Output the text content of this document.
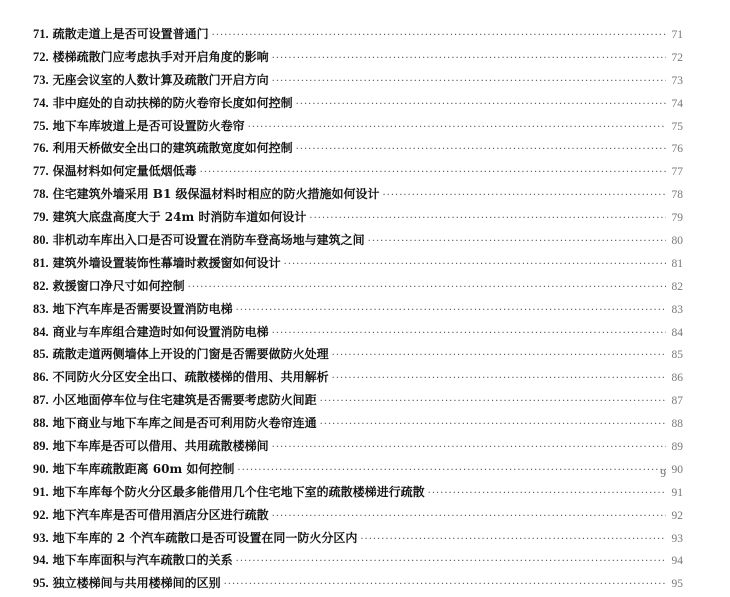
71. 疏散走道上是否可设置普通门 ·····	71
72. 楼梯疏散门应考虑执手对开启角度的影响 ·····	72
73. 无座会议室的人数计算及疏散门开启方向 ·····	73
74. 非中庭处的自动扶梯的防火卷帘长度如何控制 ·····	74
75. 地下车库坡道上是否可设置防火卷帘 ·····	75
76. 利用天桥做安全出口的建筑疏散宽度如何控制 ·····	76
77. 保温材料如何定量低烟低毒 ·····	77
78. 住宅建筑外墙采用 B1 级保温材料时相应的防火措施如何设计 ·····	78
79. 建筑大底盘高度大于 24m 时消防车道如何设计 ·····	79
80. 非机动车库出入口是否可设置在消防车登高场地与建筑之间 ·····	80
81. 建筑外墙设置装饰性幕墙时救援窗如何设计 ·····	81
82. 救援窗口净尺寸如何控制 ·····	82
83. 地下汽车库是否需要设置消防电梯 ·····	83
84. 商业与车库组合建造时如何设置消防电梯 ·····	84
85. 疏散走道两侧墙体上开设的门窗是否需要做防火处理 ·····	85
86. 不同防火分区安全出口、疏散楼梯的借用、共用解析 ·····	86
87. 小区地面停车位与住宅建筑是否需要考虑防火间距 ·····	87
88. 地下商业与地下车库之间是否可利用防火卷帘连通 ·····	88
89. 地下车库是否可以借用、共用疏散楼梯间 ·····	89
90. 地下车库疏散距离 60m 如何控制 ·····	90
91. 地下车库每个防火分区最多能借用几个住宅地下室的疏散楼梯进行疏散 ·····	91
92. 地下汽车库是否可借用酒店分区进行疏散 ·····	92
93. 地下车库的 2 个汽车疏散口是否可设置在同一防火分区内 ·····	93
94. 地下车库面积与汽车疏散口的关系 ·····	94
95. 独立楼梯间与共用楼梯间的区别 ·····	95
9
